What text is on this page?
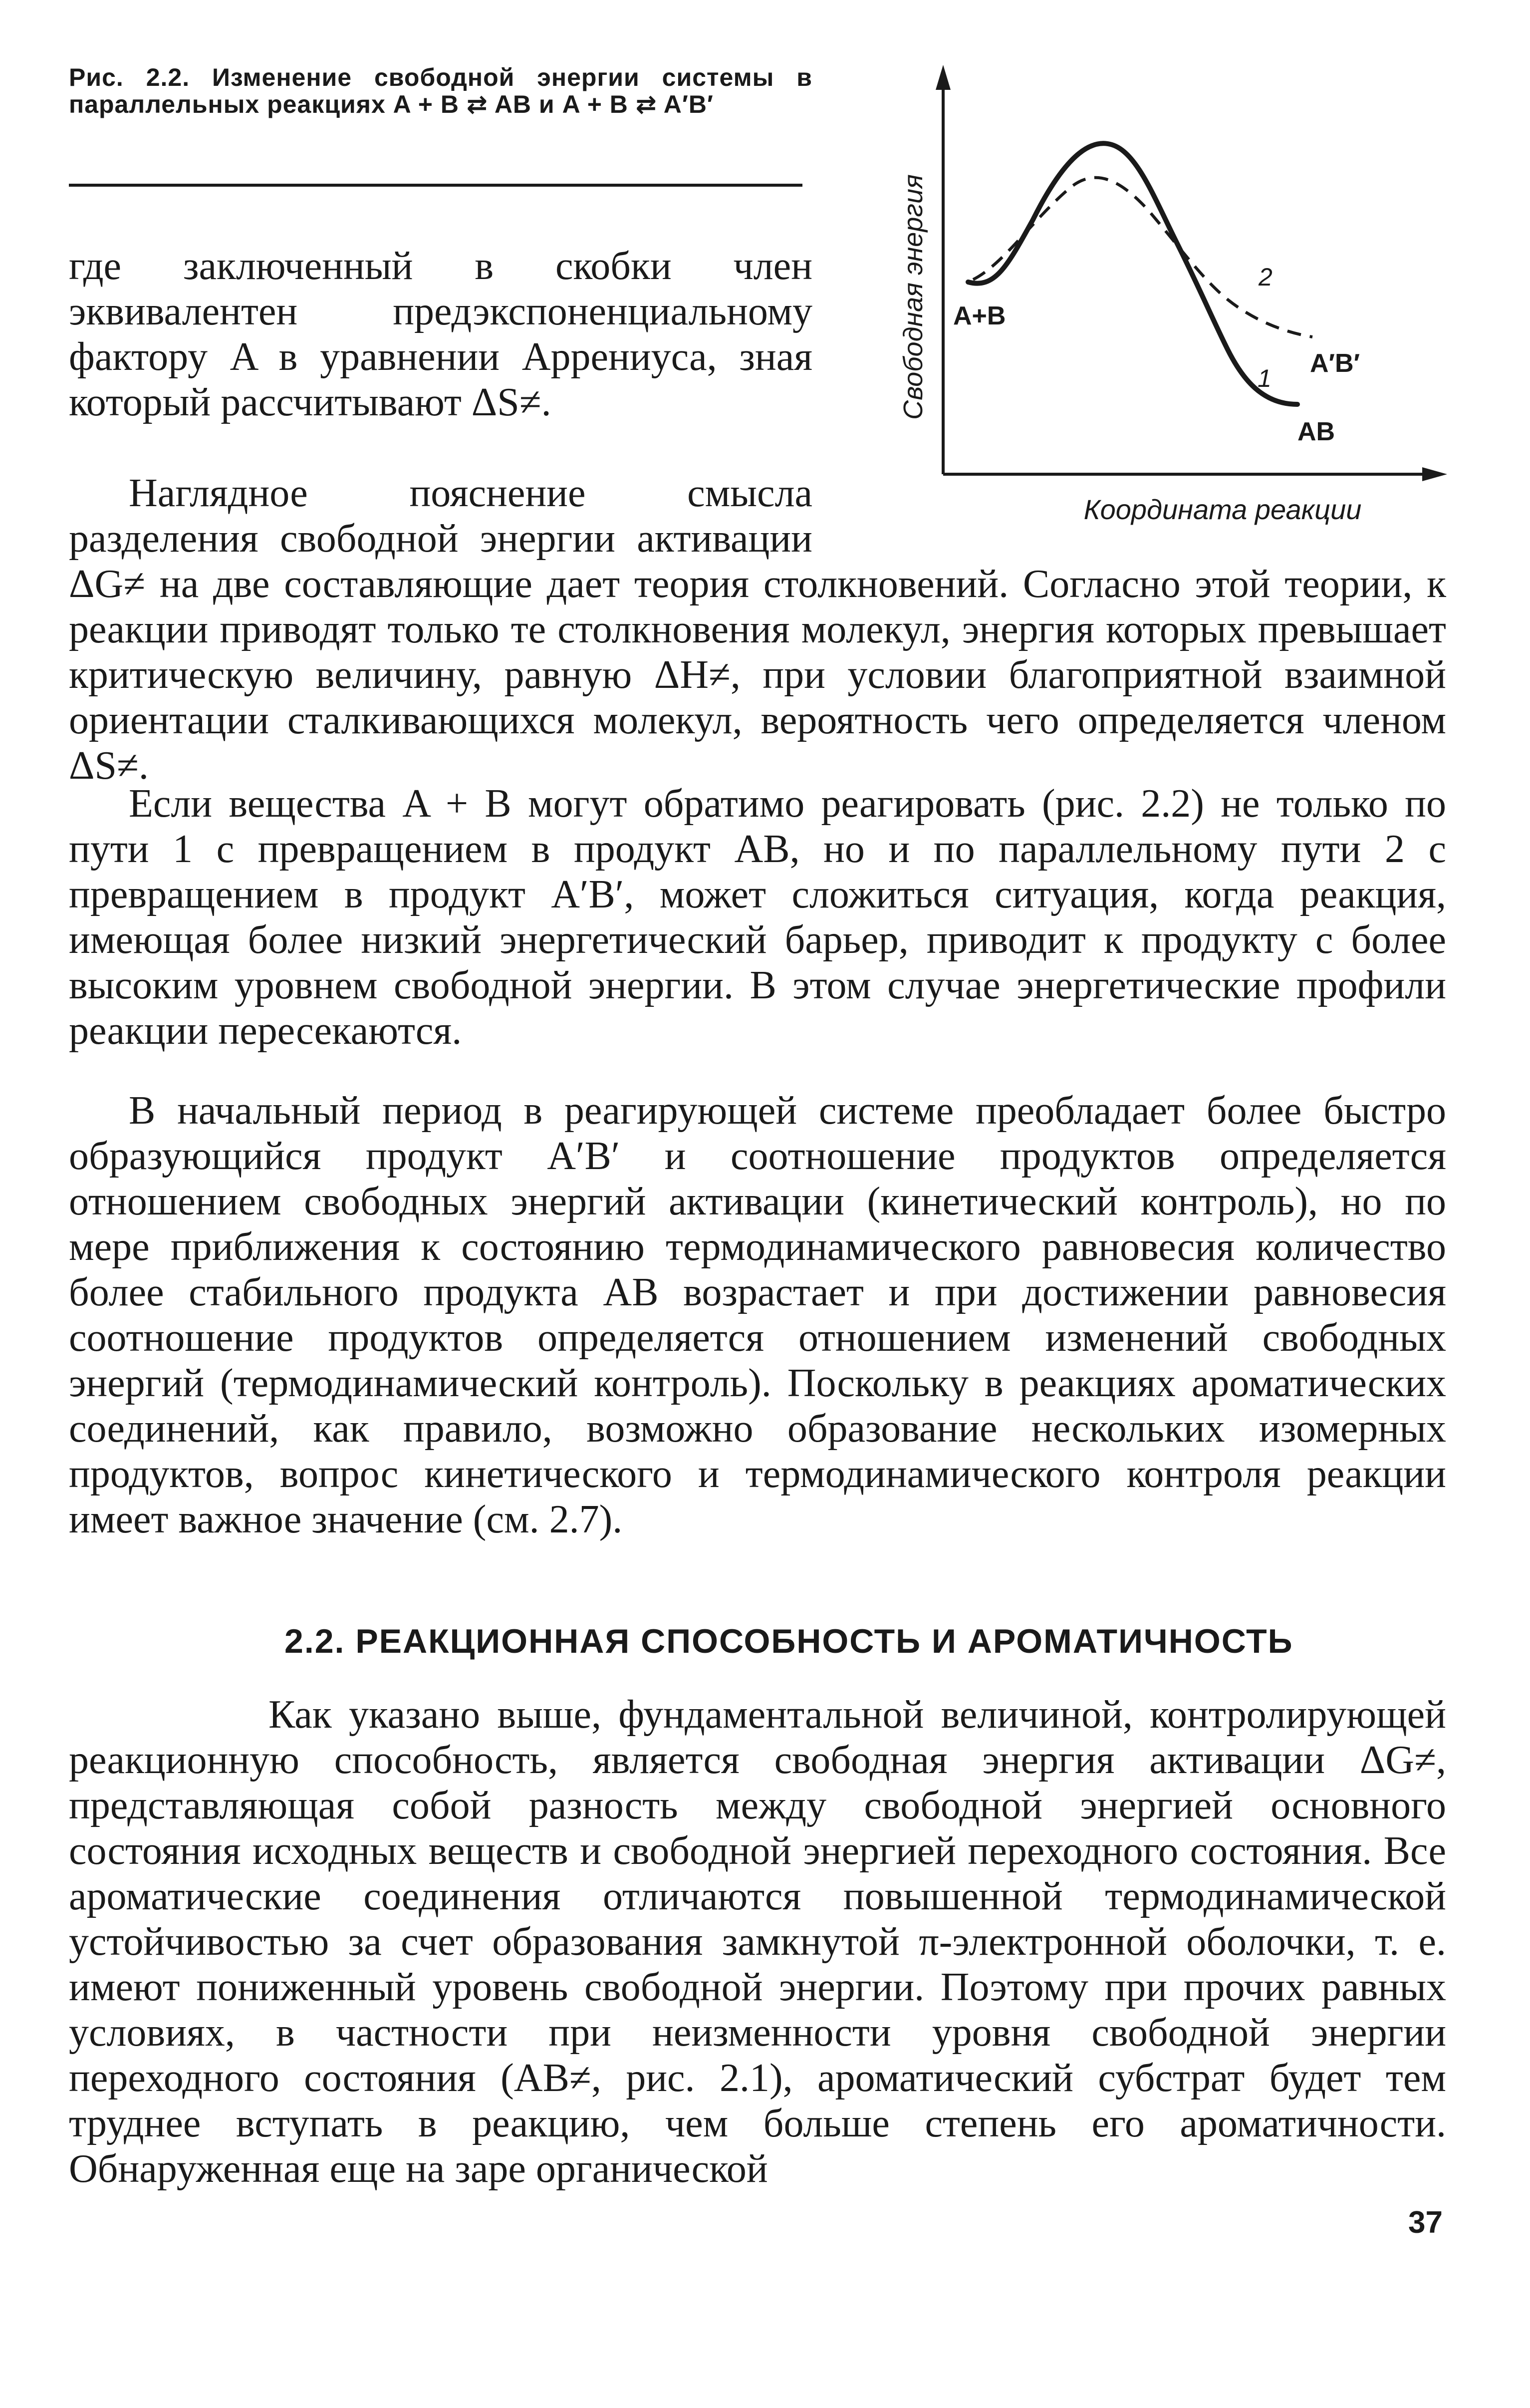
Рис. 2.2. Изменение свободной энергии системы в параллельных реакциях A + B ⇄ AB и A + B ⇄ A′B′

A+B
A′B′
AB
2
1
Свободная энергия
Координата реакции

где заключенный в скобки член эквивалентен предэкспоненциальному фактору A в уравнении Аррениуса, зная который рассчитывают ΔS≠.

Наглядное пояснение смысла разделения свободной энергии активации ΔG≠ на две составляющие дает теория столкновений. Согласно этой теории, к реакции приводят только те столкновения молекул, энергия которых превышает критическую величину, равную ΔH≠, при условии благоприятной взаимной ориентации сталкивающихся молекул, вероятность чего определяется членом ΔS≠.

Если вещества A + B могут обратимо реагировать (рис. 2.2) не только по пути 1 с превращением в продукт AB, но и по параллельному пути 2 с превращением в продукт A′B′, может сложиться ситуация, когда реакция, имеющая более низкий энергетический барьер, приводит к продукту с более высоким уровнем свободной энергии. В этом случае энергетические профили реакции пересекаются.

В начальный период в реагирующей системе преобладает более быстро образующийся продукт A′B′ и соотношение продуктов определяется отношением свободных энергий активации (кинетический контроль), но по мере приближения к состоянию термодинамического равновесия количество более стабильного продукта AB возрастает и при достижении равновесия соотношение продуктов определяется отношением изменений свободных энергий (термодинамический контроль). Поскольку в реакциях ароматических соединений, как правило, возможно образование нескольких изомерных продуктов, вопрос кинетического и термодинамического контроля реакции имеет важное значение (см. 2.7).

2.2. РЕАКЦИОННАЯ СПОСОБНОСТЬ И АРОМАТИЧНОСТЬ

Как указано выше, фундаментальной величиной, контролирующей реакционную способность, является свободная энергия активации ΔG≠, представляющая собой разность между свободной энергией основного состояния исходных веществ и свободной энергией переходного состояния. Все ароматические соединения отличаются повышенной термодинамической устойчивостью за счет образования замкнутой π-электронной оболочки, т. е. имеют пониженный уровень свободной энергии. Поэтому при прочих равных условиях, в частности при неизменности уровня свободной энергии переходного состояния (AB≠, рис. 2.1), ароматический субстрат будет тем труднее вступать в реакцию, чем больше степень его ароматичности. Обнаруженная еще на заре органической

37
